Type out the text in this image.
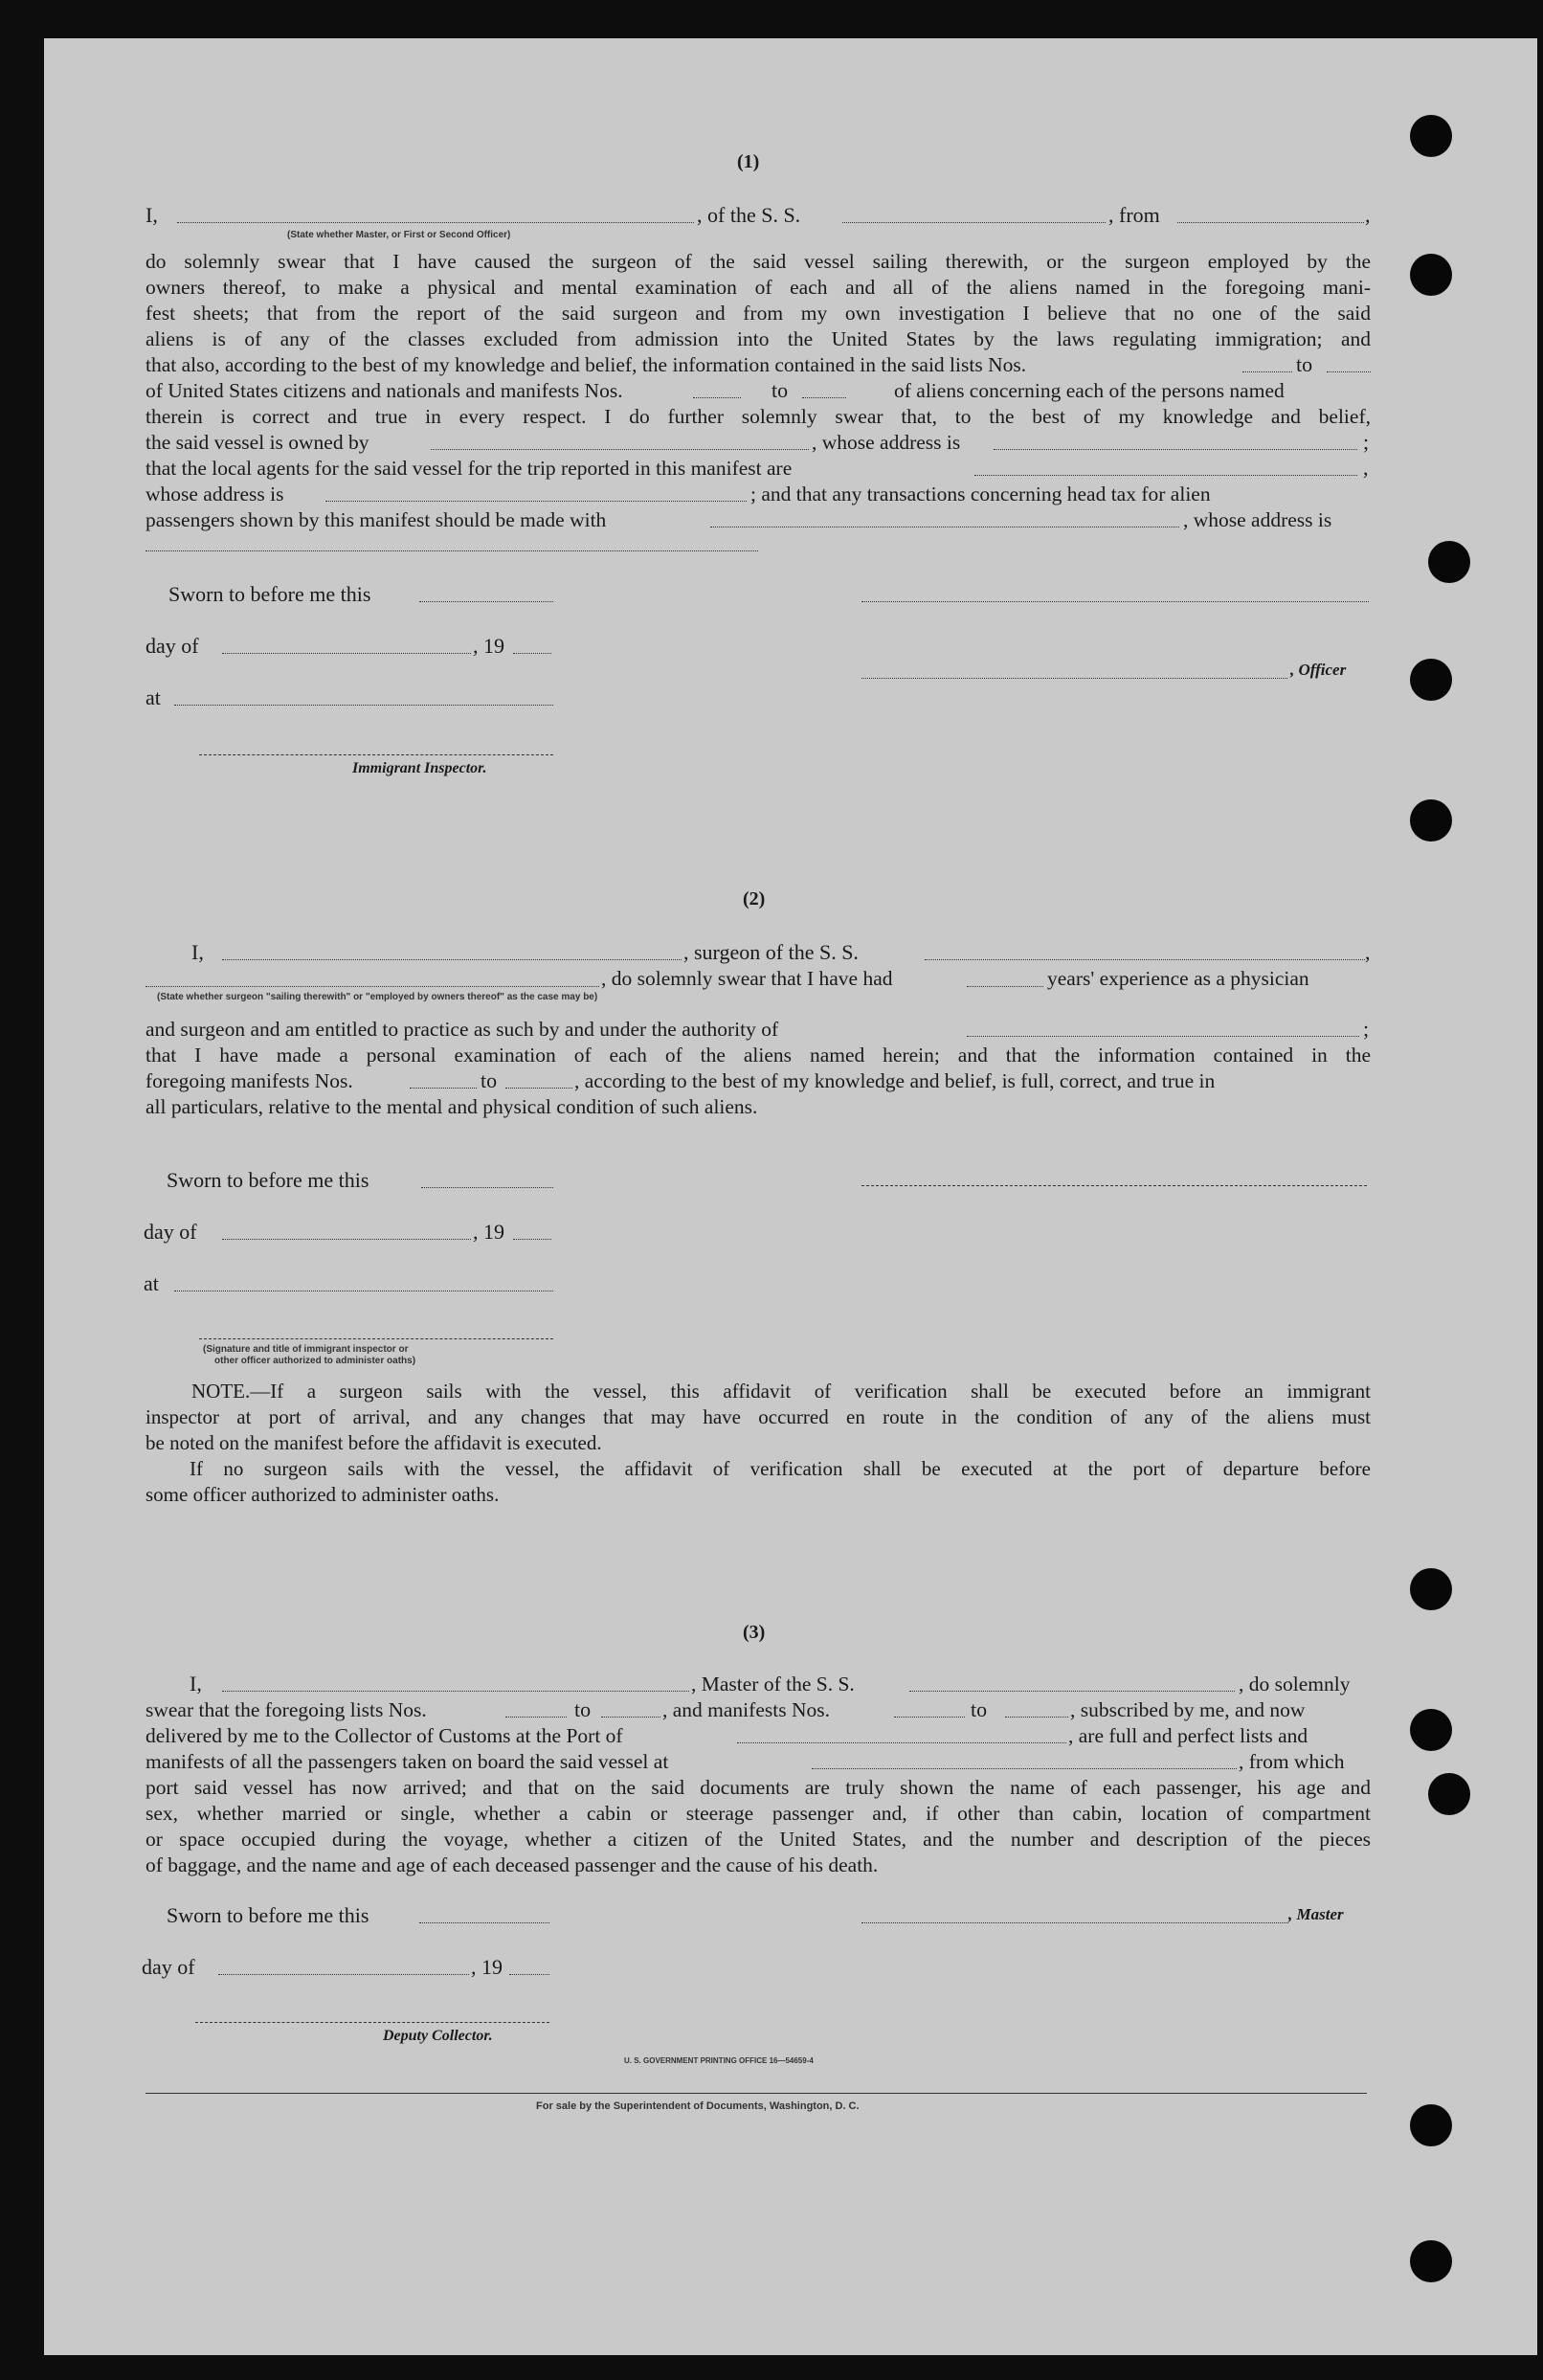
(1)
I,	, of the S. S.	, from	,
(State whether Master, or First or Second Officer)
do solemnly swear that I have caused the surgeon of the said vessel sailing therewith, or the surgeon employed by the
owners thereof, to make a physical and mental examination of each and all of the aliens named in the foregoing mani-
fest sheets; that from the report of the said surgeon and from my own investigation I believe that no one of the said
aliens is of any of the classes excluded from admission into the United States by the laws regulating immigration; and
that also, according to the best of my knowledge and belief, the information contained in the said lists Nos.	to
of United States citizens and nationals and manifests Nos.	to	of aliens concerning each of the persons named
therein is correct and true in every respect. I do further solemnly swear that, to the best of my knowledge and belief,
the said vessel is owned by	, whose address is	;
that the local agents for the said vessel for the trip reported in this manifest are	,
whose address is	; and that any transactions concerning head tax for alien
passengers shown by this manifest should be made with	, whose address is
Sworn to before me this
day of	, 19
, Officer
at
Immigrant Inspector.
(2)
I,	, surgeon of the S. S.	,
, do solemnly swear that I have had	years' experience as a physician
(State whether surgeon "sailing therewith" or "employed by owners thereof" as the case may be)
and surgeon and am entitled to practice as such by and under the authority of	;
that I have made a personal examination of each of the aliens named herein; and that the information contained in the
foregoing manifests Nos.	to	, according to the best of my knowledge and belief, is full, correct, and true in
all particulars, relative to the mental and physical condition of such aliens.
Sworn to before me this
day of	, 19
at
(Signature and title of immigrant inspector or
other officer authorized to administer oaths)
NOTE.—If a surgeon sails with the vessel, this affidavit of verification shall be executed before an immigrant
inspector at port of arrival, and any changes that may have occurred en route in the condition of any of the aliens must
be noted on the manifest before the affidavit is executed.
If no surgeon sails with the vessel, the affidavit of verification shall be executed at the port of departure before
some officer authorized to administer oaths.
(3)
I,	, Master of the S. S.	, do solemnly
swear that the foregoing lists Nos.	to	, and manifests Nos.	to	, subscribed by me, and now
delivered by me to the Collector of Customs at the Port of	, are full and perfect lists and
manifests of all the passengers taken on board the said vessel at	, from which
port said vessel has now arrived; and that on the said documents are truly shown the name of each passenger, his age and
sex, whether married or single, whether a cabin or steerage passenger and, if other than cabin, location of compartment
or space occupied during the voyage, whether a citizen of the United States, and the number and description of the pieces
of baggage, and the name and age of each deceased passenger and the cause of his death.
Sworn to before me this	, Master
day of	, 19
Deputy Collector.
U. S. GOVERNMENT PRINTING OFFICE 16—54659-4
For sale by the Superintendent of Documents, Washington, D. C.
